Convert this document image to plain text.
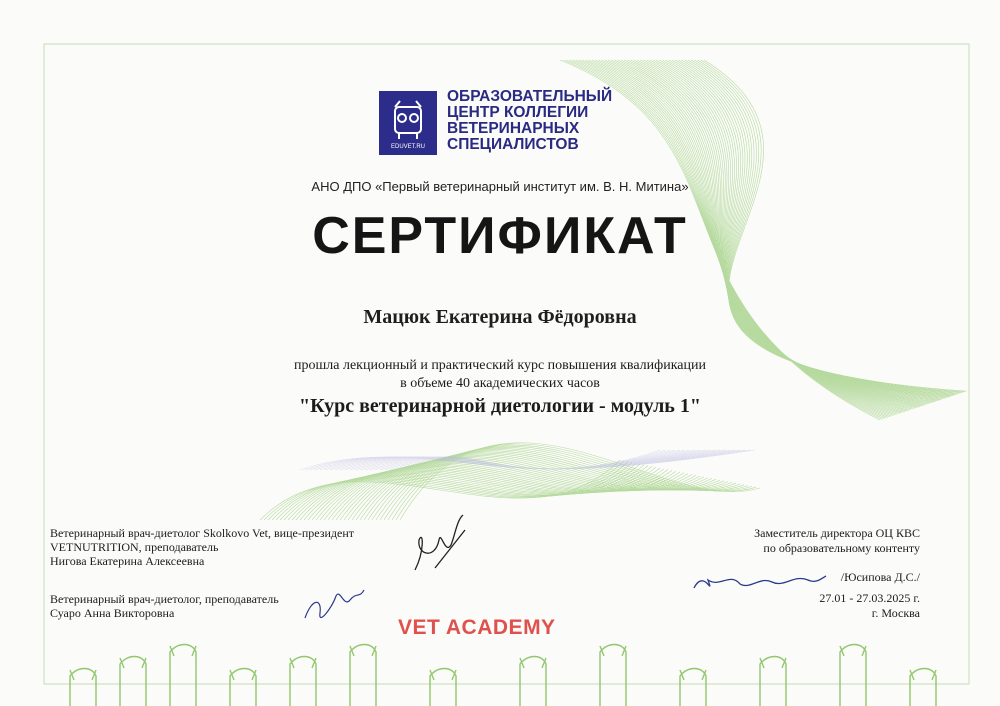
EDUVET.RU
ОБРАЗОВАТЕЛЬНЫЙ
ЦЕНТР КОЛЛЕГИИ
ВЕТЕРИНАРНЫХ
СПЕЦИАЛИСТОВ
АНО ДПО «Первый ветеринарный институт им. В. Н. Митина»
СЕРТИФИКАТ
Мацюк Екатерина Фёдоровна
прошла лекционный и практический курс повышения квалификации
в объеме 40 академических часов
"Курс ветеринарной диетологии - модуль 1"
Ветеринарный врач-диетолог Skolkovo Vet, вице-президент
VETNUTRITION, преподаватель
Нигова Екатерина Алексеевна
Ветеринарный врач-диетолог, преподаватель
Суаро Анна Викторовна
Заместитель директора ОЦ КВС
по образовательному контенту
/Юсипова Д.С./
27.01 - 27.03.2025 г.
г. Москва
VET ACADEMY
